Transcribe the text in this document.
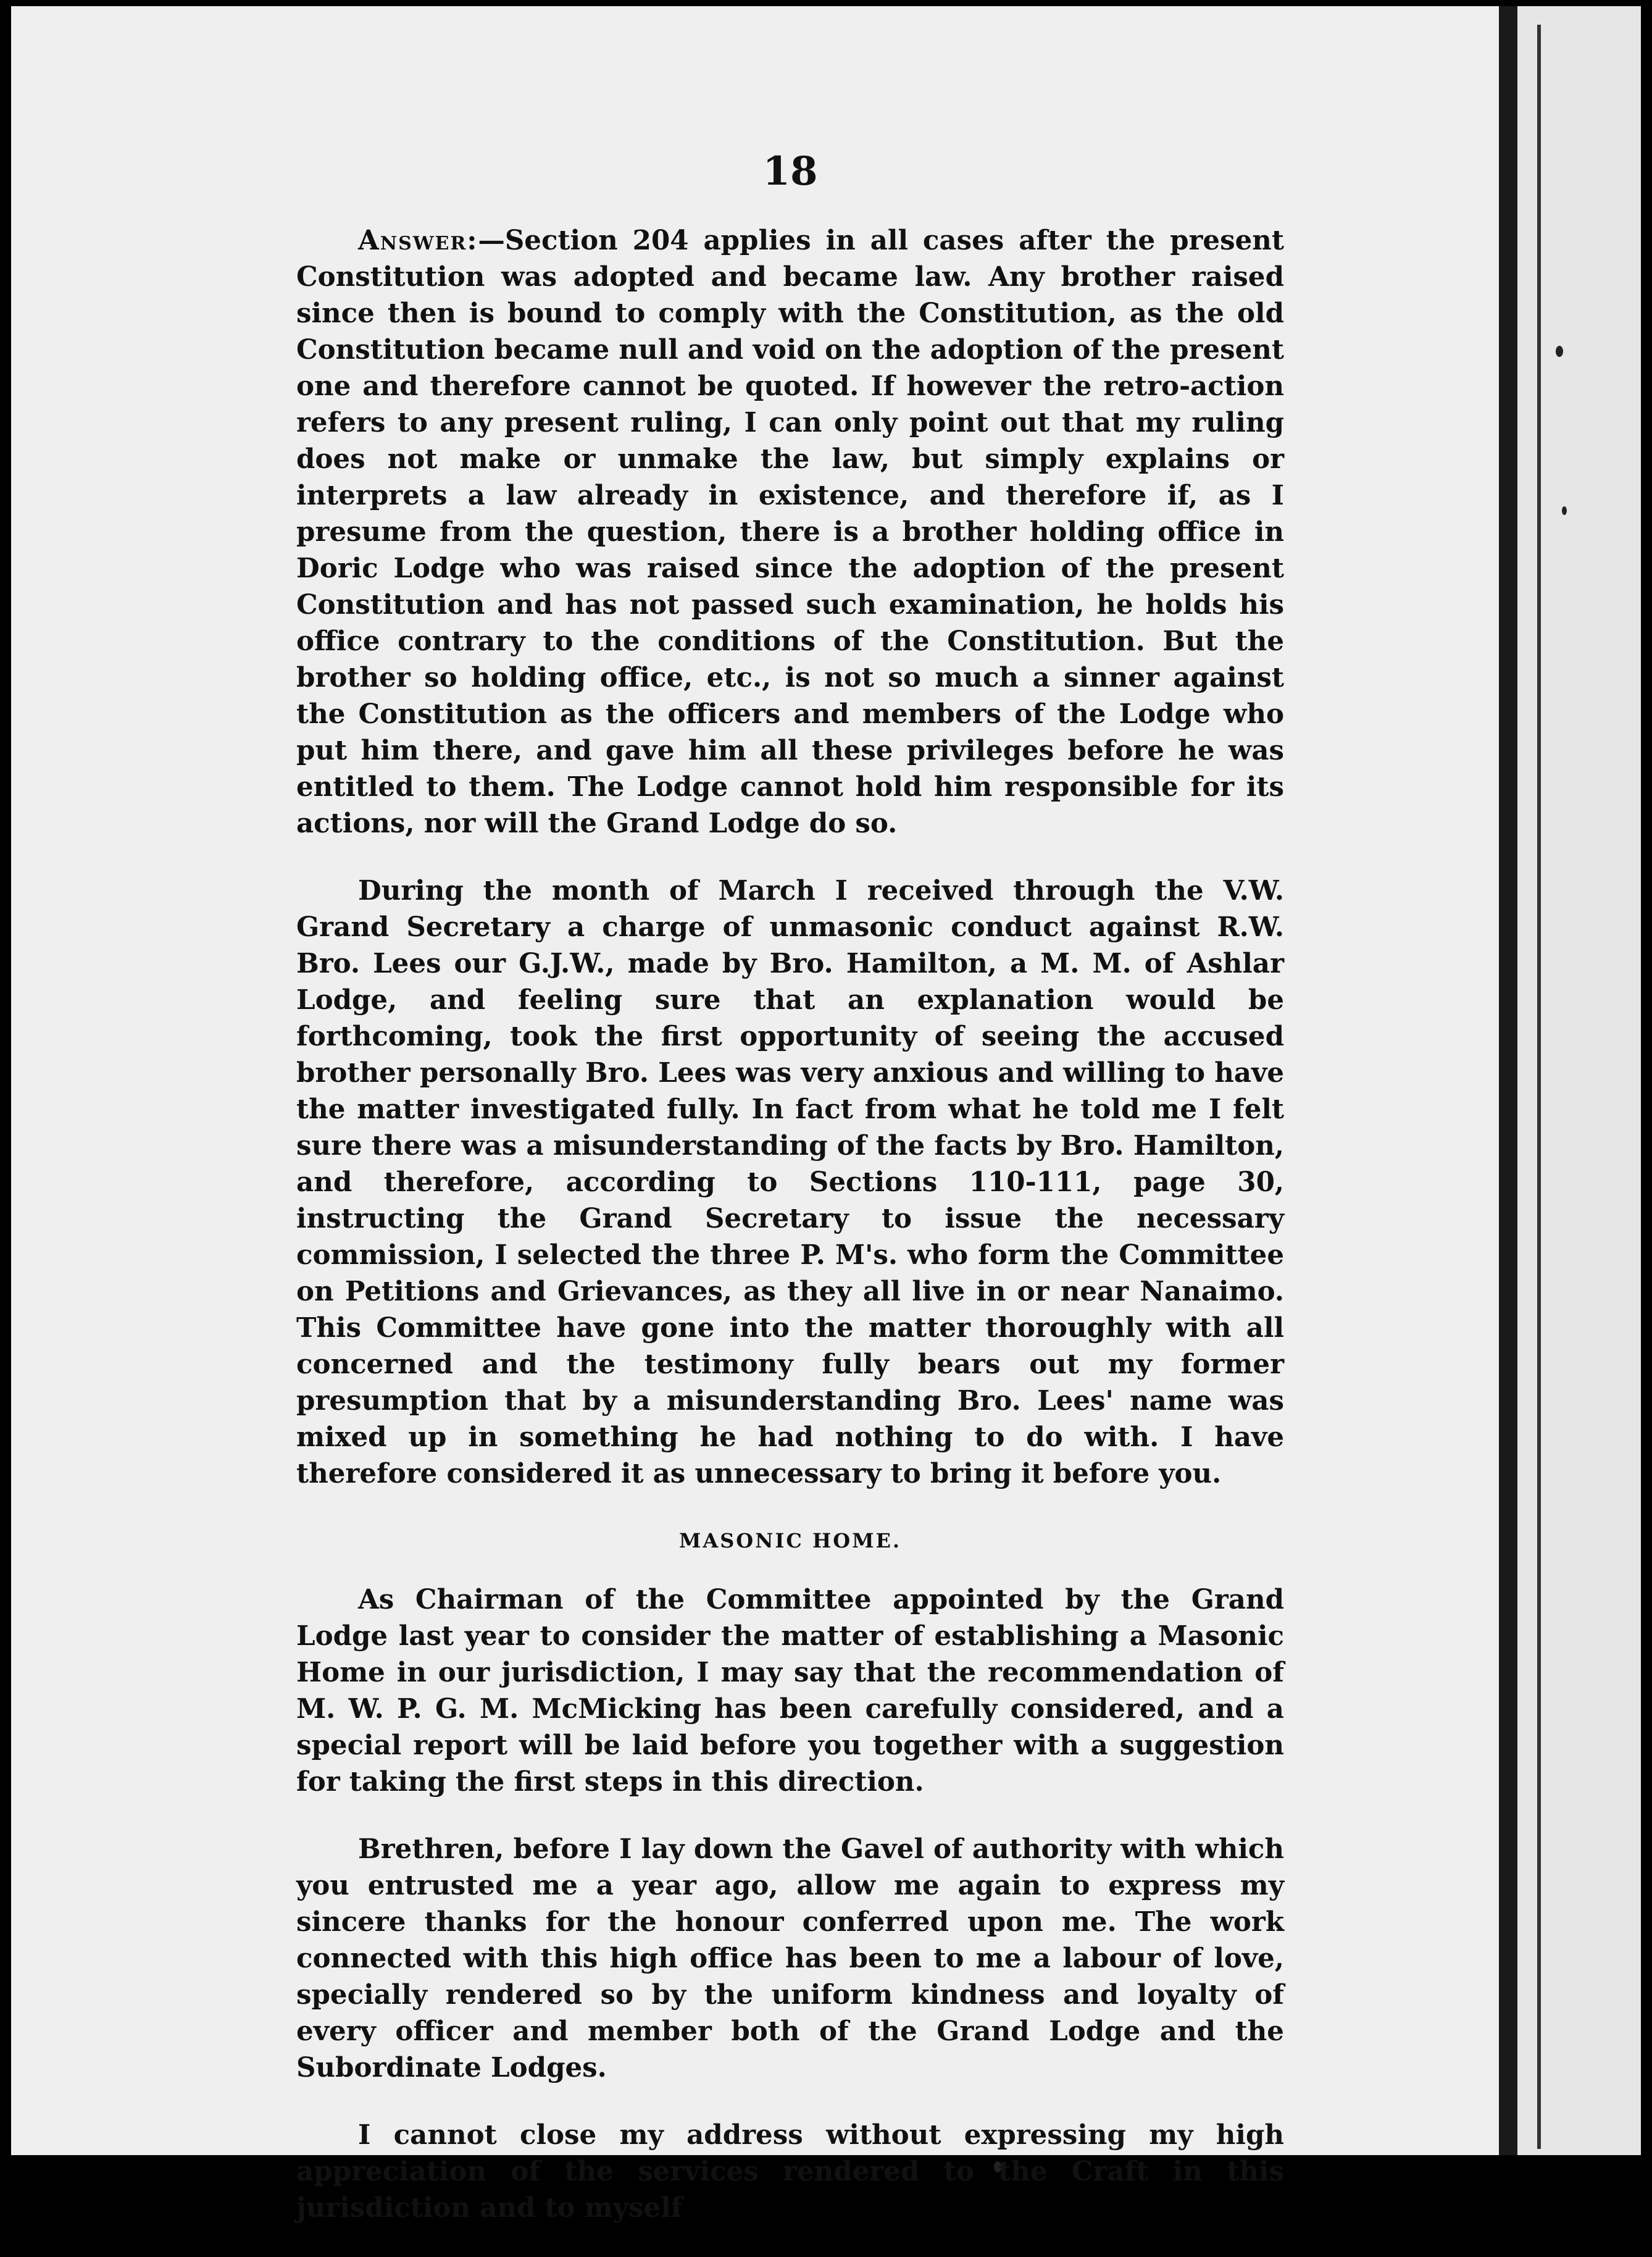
18

Answer:—Section 204 applies in all cases after the present Constitution was adopted and became law. Any brother raised since then is bound to comply with the Constitution, as the old Constitution became null and void on the adoption of the present one and therefore cannot be quoted. If however the retro-action refers to any present ruling, I can only point out that my ruling does not make or unmake the law, but simply explains or interprets a law already in existence, and therefore if, as I presume from the question, there is a brother holding office in Doric Lodge who was raised since the adoption of the present Constitution and has not passed such examination, he holds his office contrary to the conditions of the Constitution. But the brother so holding office, etc., is not so much a sinner against the Constitution as the officers and members of the Lodge who put him there, and gave him all these privileges before he was entitled to them. The Lodge cannot hold him responsible for its actions, nor will the Grand Lodge do so.

During the month of March I received through the V.W. Grand Secretary a charge of unmasonic conduct against R.W. Bro. Lees our G.J.W., made by Bro. Hamilton, a M. M. of Ashlar Lodge, and feeling sure that an explanation would be forthcoming, took the first opportunity of seeing the accused brother personally Bro. Lees was very anxious and willing to have the matter investigated fully. In fact from what he told me I felt sure there was a misunderstanding of the facts by Bro. Hamilton, and therefore, according to Sections 110-111, page 30, instructing the Grand Secretary to issue the necessary commission, I selected the three P. M's. who form the Committee on Petitions and Grievances, as they all live in or near Nanaimo. This Committee have gone into the matter thoroughly with all concerned and the testimony fully bears out my former presumption that by a misunderstanding Bro. Lees' name was mixed up in something he had nothing to do with. I have therefore considered it as unnecessary to bring it before you.

MASONIC HOME.

As Chairman of the Committee appointed by the Grand Lodge last year to consider the matter of establishing a Masonic Home in our jurisdiction, I may say that the recommendation of M. W. P. G. M. McMicking has been carefully considered, and a special report will be laid before you together with a suggestion for taking the first steps in this direction.

Brethren, before I lay down the Gavel of authority with which you entrusted me a year ago, allow me again to express my sincere thanks for the honour conferred upon me. The work connected with this high office has been to me a labour of love, specially rendered so by the uniform kindness and loyalty of every officer and member both of the Grand Lodge and the Subordinate Lodges.

I cannot close my address without expressing my high appreciation of the services rendered to the Craft in this jurisdiction and to myself
